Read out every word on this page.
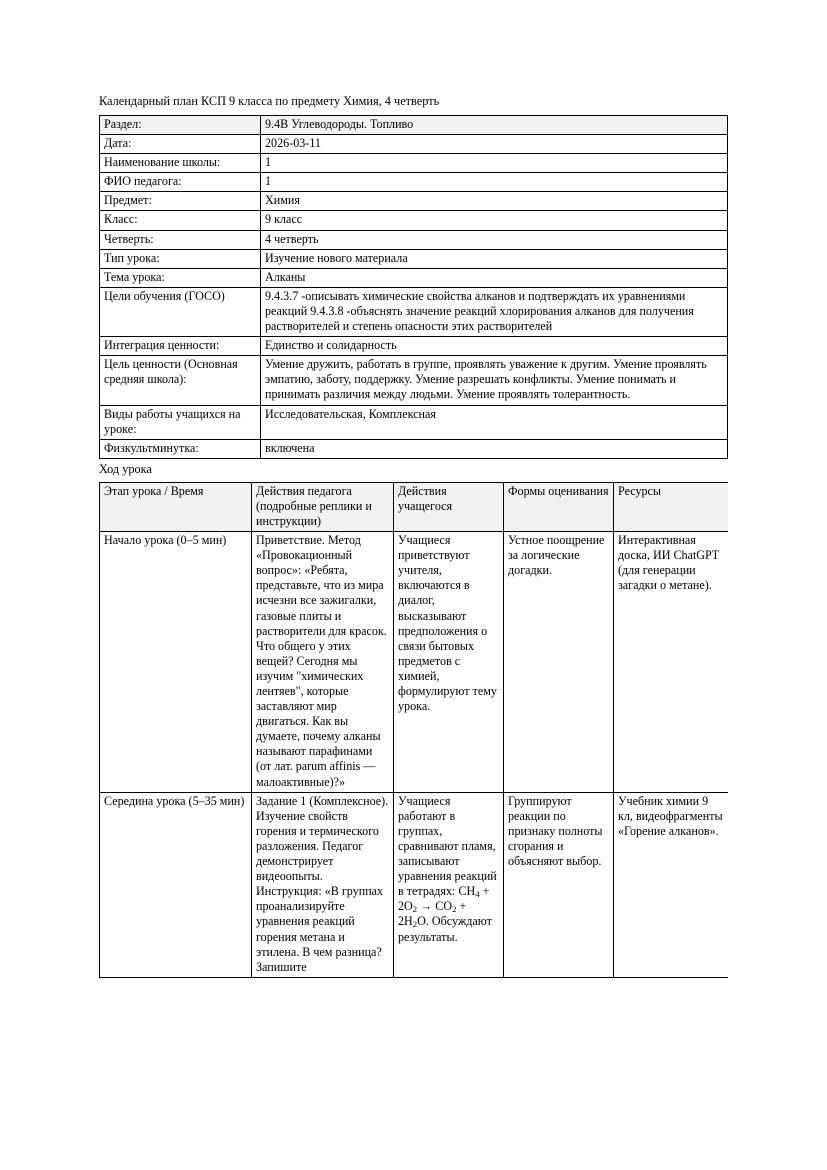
Календарный план КСП 9 класса по предмету Химия, 4 четверть
Раздел:	9.4B Углеводороды. Топливо
Дата:	2026-03-11
Наименование школы:	1
ФИО педагога:	1
Предмет:	Химия
Класс:	9 класс
Четверть:	4 четверть
Тип урока:	Изучение нового материала
Тема урока:	Алканы
Цели обучения (ГОСО)	9.4.3.7 -описывать химические свойства алканов и подтверждать их уравнениями реакций 9.4.3.8 -объяснять значение реакций хлорирования алканов для получения растворителей и степень опасности этих растворителей
Интеграция ценности:	Единство и солидарность
Цель ценности (Основная средняя школа):	Умение дружить, работать в группе, проявлять уважение к другим. Умение проявлять эмпатию, заботу, поддержку. Умение разрешать конфликты. Умение понимать и принимать различия между людьми. Умение проявлять толерантность.
Виды работы учащихся на уроке:	Исследовательская, Комплексная
Физкультминутка:	включена
Ход урока
Этап урока / Время	Действия педагога (подробные реплики и инструкции)	Действия учащегося	Формы оценивания	Ресурсы
Начало урока (0–5 мин)	Приветствие. Метод «Провокационный вопрос»: «Ребята, представьте, что из мира исчезни все зажигалки, газовые плиты и растворители для красок. Что общего у этих вещей? Сегодня мы изучим "химических лентяев", которые заставляют мир двигаться. Как вы думаете, почему алканы называют парафинами (от лат. parum affinis — малоактивные)?»	Учащиеся приветствуют учителя, включаются в диалог, высказывают предположения о связи бытовых предметов с химией, формулируют тему урока.	Устное поощрение за логические догадки.	Интерактивная доска, ИИ ChatGPT (для генерации загадки о метане).
Середина урока (5–35 мин)	Задание 1 (Комплексное). Изучение свойств горения и термического разложения. Педагог демонстрирует видеоопыты. Инструкция: «В группах проанализируйте уравнения реакций горения метана и этилена. В чем разница? Запишите	Учащиеся работают в группах, сравнивают пламя, записывают уравнения реакций в тетрадях: $CH_4 + 2O_2 \to CO_2 + 2H_2O$. Обсуждают результаты.	Группируют реакции по признаку полноты сгорания и объясняют выбор.	Учебник химии 9 кл, видеофрагменты «Горение алканов».
